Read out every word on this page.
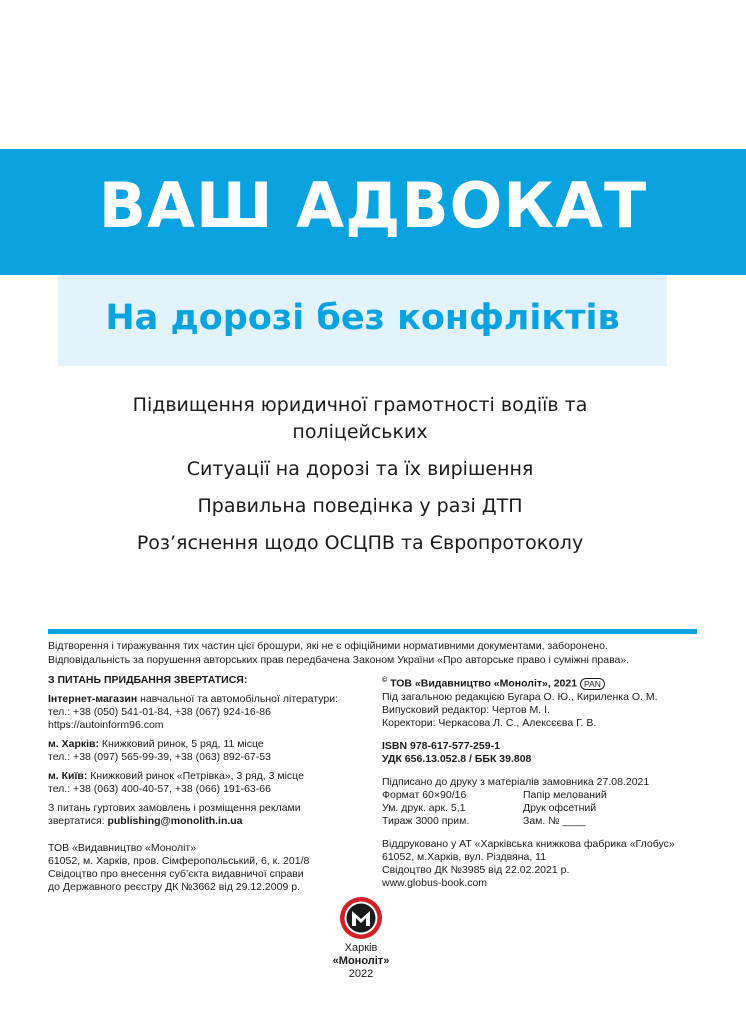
ВАШ АДВОКАТ
На дорозі без конфліктів
Підвищення юридичної грамотності водіїв та поліцейських
Ситуації на дорозі та їх вирішення
Правильна поведінка у разі ДТП
Роз’яснення щодо ОСЦПВ та Європротоколу
Відтворення і тиражування тих частин цієї брошури, які не є офіційними нормативними документами, заборонено.
Відповідальність за порушення авторських прав передбачена Законом України «Про авторське право і суміжні права».
З ПИТАНЬ ПРИДБАННЯ ЗВЕРТАТИСЯ:
Інтернет-магазин навчальної та автомобільної літератури:
тел.: +38 (050) 541-01-84, +38 (067) 924-16-86
https://autoinform96.com
м. Харків: Книжковий ринок, 5 ряд, 11 місце
тел.: +38 (097) 565-99-39, +38 (063) 892-67-53
м. Київ: Книжковий ринок «Петрівка», 3 ряд, 3 місце
тел.: +38 (063) 400-40-57, +38 (066) 191-63-66
З питань гуртових замовлень і розміщення реклами
звертатися: publishing@monolith.in.ua
ТОВ «Видавництво «Моноліт»
61052, м. Харків, пров. Сімферопольський, 6, к. 201/8
Свідоцтво про внесення суб’єкта видавничої справи
до Державного реєстру ДК №3662 від 29.12.2009 р.
© ТОВ «Видавництво «Моноліт», 2021 PAN
Під загальною редакцією Бугара О. Ю., Кириленка О. М.
Випусковий редактор: Чертов М. І.
Коректори: Черкасова Л. С., Алексєєва Г. В.
ISBN 978-617-577-259-1
УДК 656.13.052.8 / ББК 39.808
Підписано до друку з матеріалів замовника 27.08.2021
Формат 60×90/16	Папір мелований
Ум. друк. арк. 5,1	Друк офсетний
Тираж 3000 прим.	Зам. № ____
Віддруковано у АТ «Харківська книжкова фабрика «Глобус»
61052, м.Харків, вул. Різдвяна, 11
Свідоцтво ДК №3985 від 22.02.2021 р.
www.globus-book.com
Харків
«Моноліт»
2022
